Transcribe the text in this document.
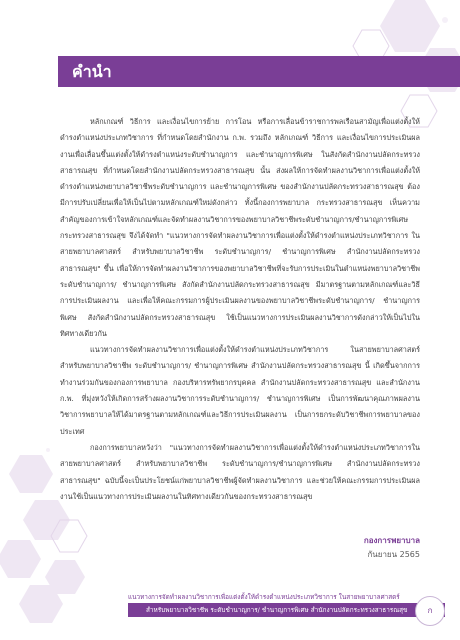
คำนำ

หลักเกณฑ์ วิธีการ และเงื่อนไขการย้าย การโอน หรือการเลื่อนข้าราชการพลเรือนสามัญเพื่อแต่งตั้งให้ดำรงตำแหน่งประเภทวิชาการ ที่กำหนดโดยสำนักงาน ก.พ. รวมถึง หลักเกณฑ์ วิธีการ และเงื่อนไขการประเมินผลงานเพื่อเลื่อนขึ้นแต่งตั้งให้ดำรงตำแหน่งระดับชำนาญการ และชำนาญการพิเศษ ในสังกัดสำนักงานปลัดกระทรวงสาธารณสุข ที่กำหนดโดยสำนักงานปลัดกระทรวงสาธารณสุข นั้น ส่งผลให้การจัดทำผลงานวิชาการเพื่อแต่งตั้งให้ดำรงตำแหน่งพยาบาลวิชาชีพระดับชำนาญการ และชำนาญการพิเศษ ของสำนักงานปลัดกระทรวงสาธารณสุข ต้องมีการปรับเปลี่ยนเพื่อให้เป็นไปตามหลักเกณฑ์ใหม่ดังกล่าว ทั้งนี้กองการพยาบาล กระทรวงสาธารณสุข เห็นความสำคัญของการเข้าใจหลักเกณฑ์และจัดทำผลงานวิชาการของพยาบาลวิชาชีพระดับชำนาญการ/ชำนาญการพิเศษ กระทรวงสาธารณสุข จึงได้จัดทำ "แนวทางการจัดทำผลงานวิชาการเพื่อแต่งตั้งให้ดำรงตำแหน่งประเภทวิชาการ ในสายพยาบาลศาสตร์ สำหรับพยาบาลวิชาชีพ ระดับชำนาญการ/ ชำนาญการพิเศษ สำนักงานปลัดกระทรวงสาธารณสุข" ขึ้น เพื่อให้การจัดทำผลงานวิชาการของพยาบาลวิชาชีพที่จะรับการประเมินในตำแหน่งพยาบาลวิชาชีพ ระดับชำนาญการ/ ชำนาญการพิเศษ สังกัดสำนักงานปลัดกระทรวงสาธารณสุข มีมาตรฐานตามหลักเกณฑ์และวิธีการประเมินผลงาน และเพื่อให้คณะกรรมการผู้ประเมินผลงานของพยาบาลวิชาชีพระดับชำนาญการ/ ชำนาญการพิเศษ สังกัดสำนักงานปลัดกระทรวงสาธารณสุข ใช้เป็นแนวทางการประเมินผลงานวิชาการดังกล่าวให้เป็นไปในทิศทางเดียวกัน

แนวทางการจัดทำผลงานวิชาการเพื่อแต่งตั้งให้ดำรงตำแหน่งประเภทวิชาการ ในสายพยาบาลศาสตร์ สำหรับพยาบาลวิชาชีพ ระดับชำนาญการ/ ชำนาญการพิเศษ สำนักงานปลัดกระทรวงสาธารณสุข นี้ เกิดขึ้นจากการทำงานร่วมกันของกองการพยาบาล กองบริหารทรัพยากรบุคคล สำนักงานปลัดกระทรวงสาธารณสุข และสำนักงาน ก.พ. ที่มุ่งหวังให้เกิดการสร้างผลงานวิชาการระดับชำนาญการ/ ชำนาญการพิเศษ เป็นการพัฒนาคุณภาพผลงานวิชาการพยาบาลให้ได้มาตรฐานตามหลักเกณฑ์และวิธีการประเมินผลงาน เป็นการยกระดับวิชาชีพการพยาบาลของประเทศ

กองการพยาบาลหวังว่า "แนวทางการจัดทำผลงานวิชาการเพื่อแต่งตั้งให้ดำรงตำแหน่งประเภทวิชาการในสายพยาบาลศาสตร์ สำหรับพยาบาลวิชาชีพ ระดับชำนาญการ/ชำนาญการพิเศษ สำนักงานปลัดกระทรวงสาธารณสุข" ฉบับนี้จะเป็นประโยชน์แก่พยาบาลวิชาชีพผู้จัดทำผลงานวิชาการ และช่วยให้คณะกรรมการประเมินผลงานใช้เป็นแนวทางการประเมินผลงานในทิศทางเดียวกันของกระทรวงสาธารณสุข

กองการพยาบาล
กันยายน 2565
แนวทางการจัดทำผลงานวิชาการเพื่อแต่งตั้งให้ดำรงตำแหน่งประเภทวิชาการ ในสายพยาบาลศาสตร์
สำหรับพยาบาลวิชาชีพ ระดับชำนาญการ/ ชำนาญการพิเศษ สำนักงานปลัดกระทรวงสาธารณสุข	ก
